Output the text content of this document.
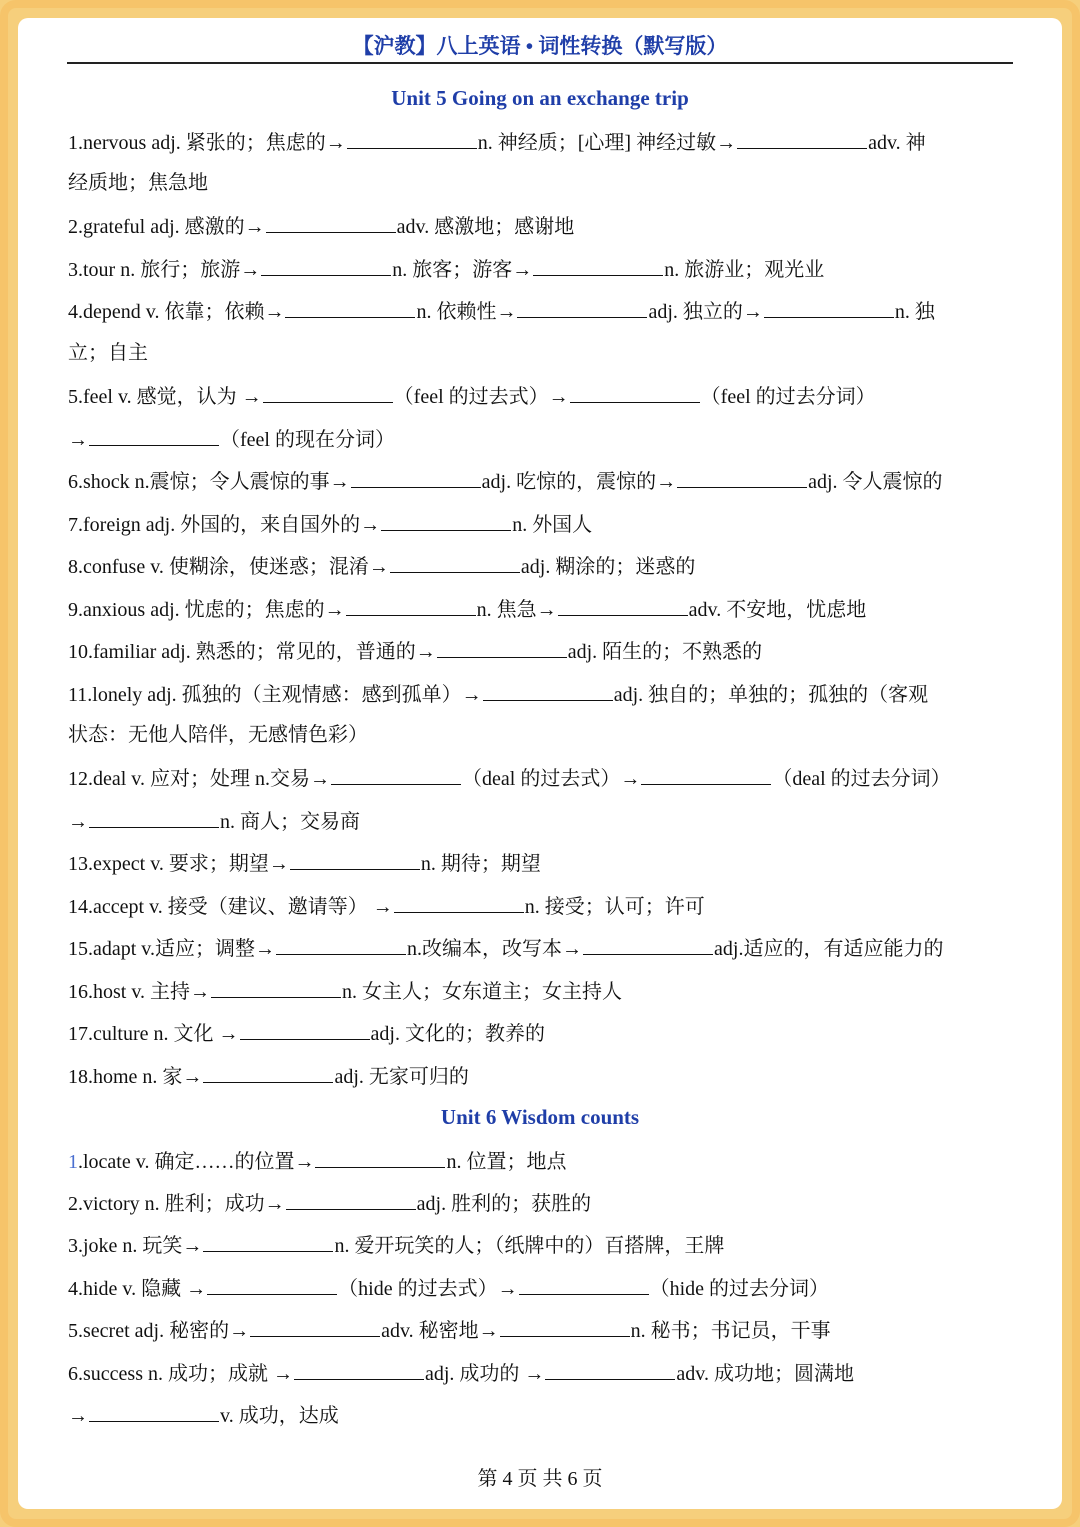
【沪教】八上英语 • 词性转换（默写版）
Unit 5 Going on an exchange trip
1.nervous adj. 紧张的；焦虑的→	n. 神经质；[心理] 神经过敏→	adv. 神
经质地；焦急地
2.grateful adj. 感激的→	adv. 感激地；感谢地
3.tour n. 旅行；旅游→	n. 旅客；游客→	n. 旅游业；观光业
4.depend v. 依靠；依赖→	n. 依赖性→	adj. 独立的→	n. 独
立；自主
5.feel v. 感觉，认为 →	（feel 的过去式）→	（feel 的过去分词）
→	（feel 的现在分词）
6.shock n.震惊；令人震惊的事→	adj. 吃惊的，震惊的→	adj. 令人震惊的
7.foreign adj. 外国的，来自国外的→	n. 外国人
8.confuse v. 使糊涂，使迷惑；混淆→	adj. 糊涂的；迷惑的
9.anxious adj. 忧虑的；焦虑的→	n. 焦急→	adv. 不安地，忧虑地
10.familiar adj. 熟悉的；常见的，普通的→	adj. 陌生的；不熟悉的
11.lonely adj. 孤独的（主观情感：感到孤单）→	adj. 独自的；单独的；孤独的（客观
状态：无他人陪伴，无感情色彩）
12.deal v. 应对；处理 n.交易→	（deal 的过去式）→	（deal 的过去分词）
→	n. 商人；交易商
13.expect v. 要求；期望→	n. 期待；期望
14.accept v. 接受（建议、邀请等） →	n. 接受；认可；许可
15.adapt v.适应；调整→	n.改编本，改写本→	adj.适应的，有适应能力的
16.host v. 主持→	n. 女主人；女东道主；女主持人
17.culture n. 文化 →	adj. 文化的；教养的
18.home n. 家→	adj. 无家可归的
Unit 6 Wisdom counts
1.locate v. 确定……的位置→	n. 位置；地点
2.victory n. 胜利；成功→	adj. 胜利的；获胜的
3.joke n. 玩笑→	n. 爱开玩笑的人；（纸牌中的）百搭牌，王牌
4.hide v. 隐藏 →	（hide 的过去式）→	（hide 的过去分词）
5.secret adj. 秘密的→	adv. 秘密地→	n. 秘书；书记员，干事
6.success n. 成功；成就 →	adj. 成功的 →	adv. 成功地；圆满地
→	v. 成功，达成
第 4 页 共 6 页
